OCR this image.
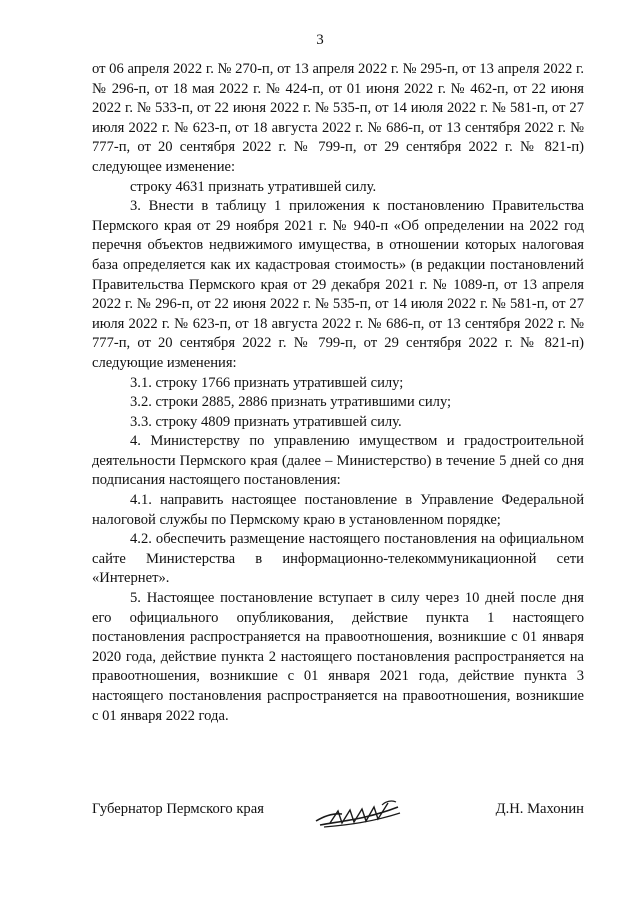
3

от 06 апреля 2022 г. № 270-п, от 13 апреля 2022 г. № 295-п, от 13 апреля 2022 г. № 296-п, от 18 мая 2022 г. № 424-п, от 01 июня 2022 г. № 462-п, от 22 июня 2022 г. № 533-п, от 22 июня 2022 г. № 535-п, от 14 июля 2022 г. № 581-п, от 27 июля 2022 г. № 623-п, от 18 августа 2022 г. № 686-п, от 13 сентября 2022 г. № 777-п, от 20 сентября 2022 г. № 799-п, от 29 сентября 2022 г. № 821-п) следующее изменение:

строку 4631 признать утратившей силу.

3. Внести в таблицу 1 приложения к постановлению Правительства Пермского края от 29 ноября 2021 г. № 940-п «Об определении на 2022 год перечня объектов недвижимого имущества, в отношении которых налоговая база определяется как их кадастровая стоимость» (в редакции постановлений Правительства Пермского края от 29 декабря 2021 г. № 1089-п, от 13 апреля 2022 г. № 296-п, от 22 июня 2022 г. № 535-п, от 14 июля 2022 г. № 581-п, от 27 июля 2022 г. № 623-п, от 18 августа 2022 г. № 686-п, от 13 сентября 2022 г. № 777-п, от 20 сентября 2022 г. № 799-п, от 29 сентября 2022 г. № 821-п) следующие изменения:

3.1. строку 1766 признать утратившей силу;

3.2. строки 2885, 2886 признать утратившими силу;

3.3. строку 4809 признать утратившей силу.

4. Министерству по управлению имуществом и градостроительной деятельности Пермского края (далее – Министерство) в течение 5 дней со дня подписания настоящего постановления:

4.1. направить настоящее постановление в Управление Федеральной налоговой службы по Пермскому краю в установленном порядке;

4.2. обеспечить размещение настоящего постановления на официальном сайте Министерства в информационно-телекоммуникационной сети «Интернет».

5. Настоящее постановление вступает в силу через 10 дней после дня его официального опубликования, действие пункта 1 настоящего постановления распространяется на правоотношения, возникшие с 01 января 2020 года, действие пункта 2 настоящего постановления распространяется на правоотношения, возникшие с 01 января 2021 года, действие пункта 3 настоящего постановления распространяется на правоотношения, возникшие с 01 января 2022 года.

Губернатор Пермского края	Д.Н. Махонин
